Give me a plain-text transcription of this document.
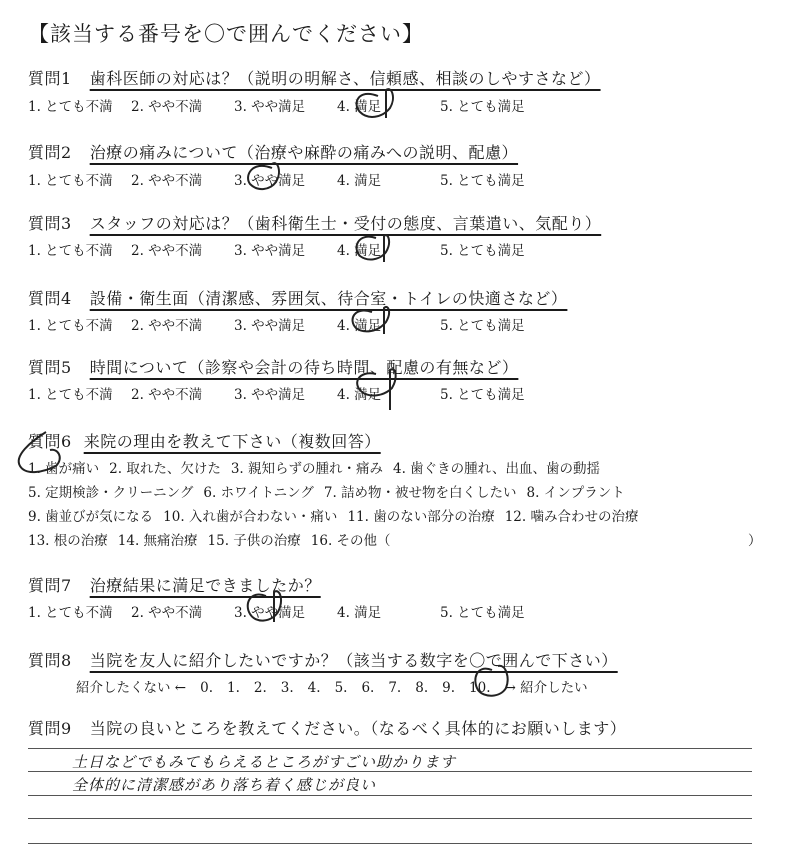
【該当する番号を〇で囲んでください】
質問1 歯科医師の対応は？（説明の明解さ、信頼感、相談のしやすさなど）
1. とても不満 2. やや不満 3. やや満足 4. 満足	5. とても満足
質問2 治療の痛みについて（治療や麻酔の痛みへの説明、配慮）
1. とても不満 2. やや不満 3. やや満足 4. 満足	5. とても満足
質問3 スタッフの対応は？（歯科衛生士・受付の態度、言葉遣い、気配り）
1. とても不満 2. やや不満 3. やや満足 4. 満足	5. とても満足
質問4 設備・衛生面（清潔感、雰囲気、待合室・トイレの快適さなど）
1. とても不満 2. やや不満 3. やや満足 4. 満足	5. とても満足
質問5 時間について（診察や会計の待ち時間、配慮の有無など）
1. とても不満 2. やや不満 3. やや満足 4. 満足	5. とても満足
質問6 来院の理由を教えて下さい（複数回答）
1. 歯が痛い 2. 取れた、欠けた 3. 親知らずの腫れ・痛み 4. 歯ぐきの腫れ、出血、歯の動揺
5. 定期検診・クリーニング 6. ホワイトニング 7. 詰め物・被せ物を白くしたい 8. インプラント
9. 歯並びが気になる 10. 入れ歯が合わない・痛い 11. 歯のない部分の治療 12. 噛み合わせの治療
13. 根の治療 14. 無痛治療 15. 子供の治療 16. その他（	）
質問7 治療結果に満足できましたか？
1. とても不満 2. やや不満 3. やや満足 4. 満足	5. とても満足
質問8 当院を友人に紹介したいですか？（該当する数字を〇で囲んで下さい）
紹介したくない ← 0. 1. 2. 3. 4. 5. 6. 7. 8. 9. 10. → 紹介したい
質問9 当院の良いところを教えてください。（なるべく具体的にお願いします）
土日などでもみてもらえるところがすごい助かります
全体的に清潔感があり落ち着く感じが良い
